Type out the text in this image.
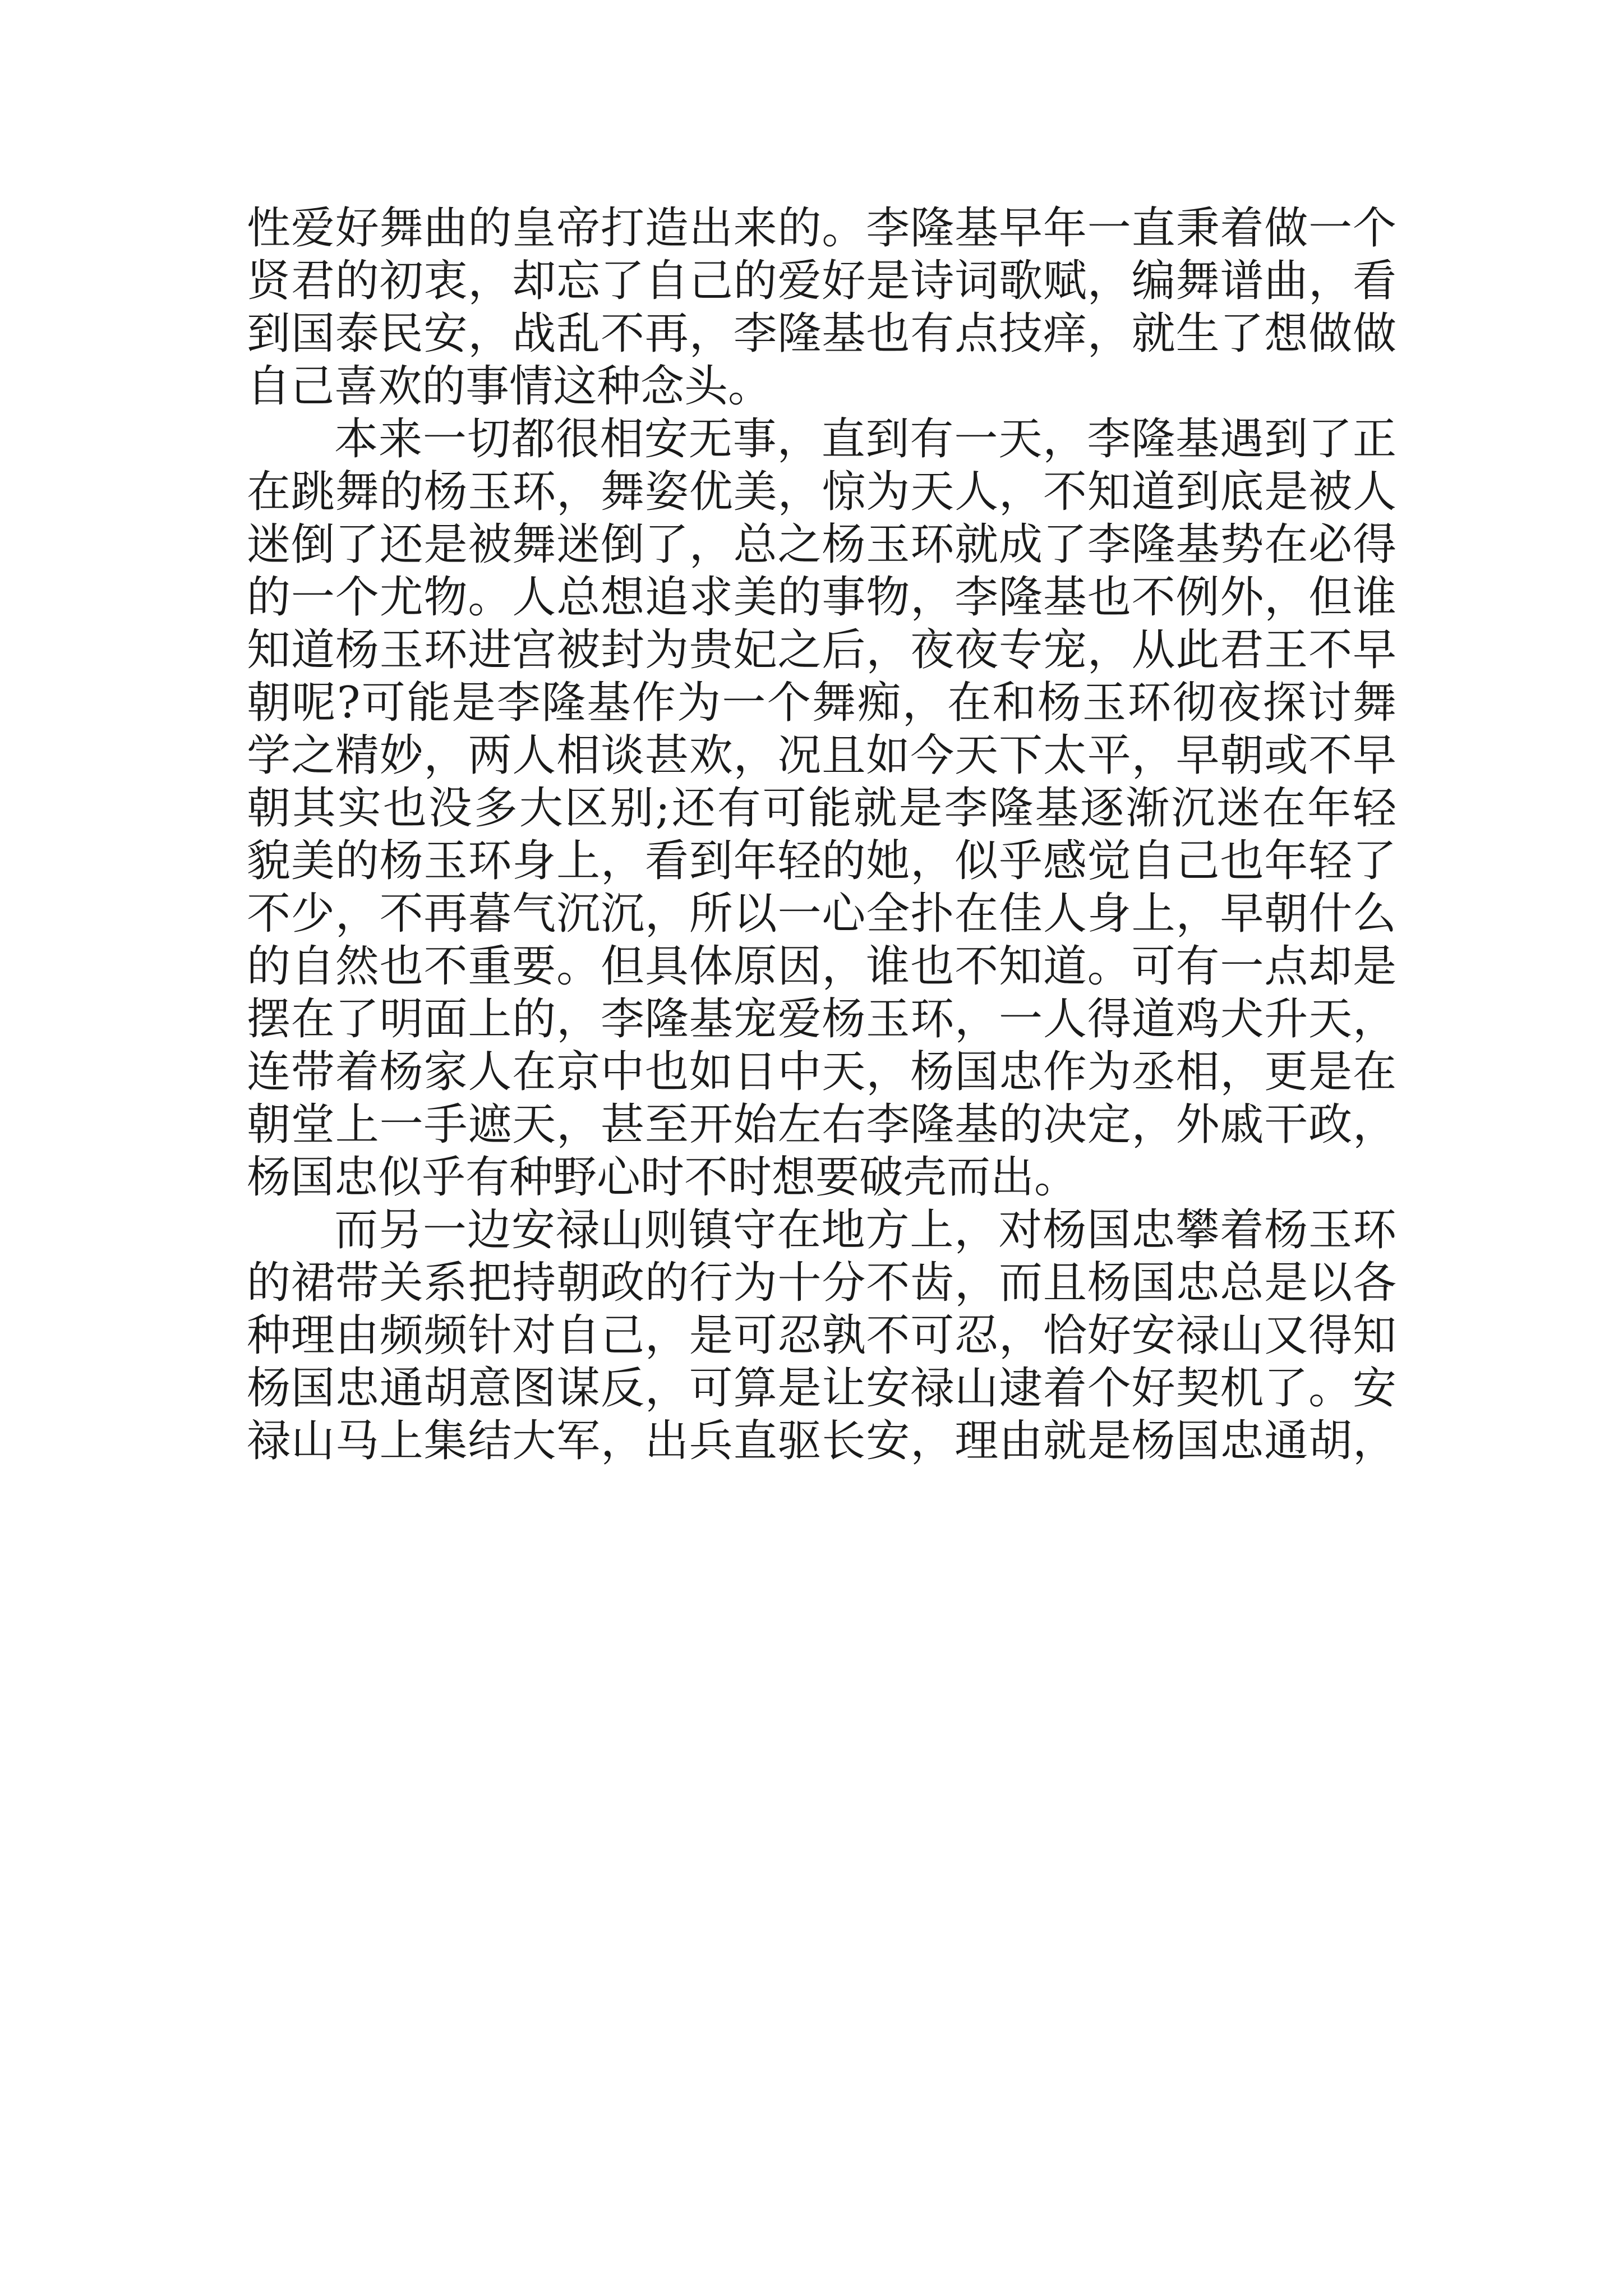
性爱好舞曲的皇帝打造出来的。李隆基早年一直秉着做一个
贤君的初衷，却忘了自己的爱好是诗词歌赋，编舞谱曲，看
到国泰民安，战乱不再，李隆基也有点技痒，就生了想做做
自己喜欢的事情这种念头。
本来一切都很相安无事，直到有一天，李隆基遇到了正
在跳舞的杨玉环，舞姿优美，惊为天人，不知道到底是被人
迷倒了还是被舞迷倒了，总之杨玉环就成了李隆基势在必得
的一个尤物。人总想追求美的事物，李隆基也不例外，但谁
知道杨玉环进宫被封为贵妃之后，夜夜专宠，从此君王不早
朝呢?可能是李隆基作为一个舞痴，在和杨玉环彻夜探讨舞
学之精妙，两人相谈甚欢，况且如今天下太平，早朝或不早
朝其实也没多大区别;还有可能就是李隆基逐渐沉迷在年轻
貌美的杨玉环身上，看到年轻的她，似乎感觉自己也年轻了
不少，不再暮气沉沉，所以一心全扑在佳人身上，早朝什么
的自然也不重要。但具体原因，谁也不知道。可有一点却是
摆在了明面上的，李隆基宠爱杨玉环，一人得道鸡犬升天，
连带着杨家人在京中也如日中天，杨国忠作为丞相，更是在
朝堂上一手遮天，甚至开始左右李隆基的决定，外戚干政，
杨国忠似乎有种野心时不时想要破壳而出。
而另一边安禄山则镇守在地方上，对杨国忠攀着杨玉环
的裙带关系把持朝政的行为十分不齿，而且杨国忠总是以各
种理由频频针对自己，是可忍孰不可忍，恰好安禄山又得知
杨国忠通胡意图谋反，可算是让安禄山逮着个好契机了。安
禄山马上集结大军，出兵直驱长安，理由就是杨国忠通胡，
